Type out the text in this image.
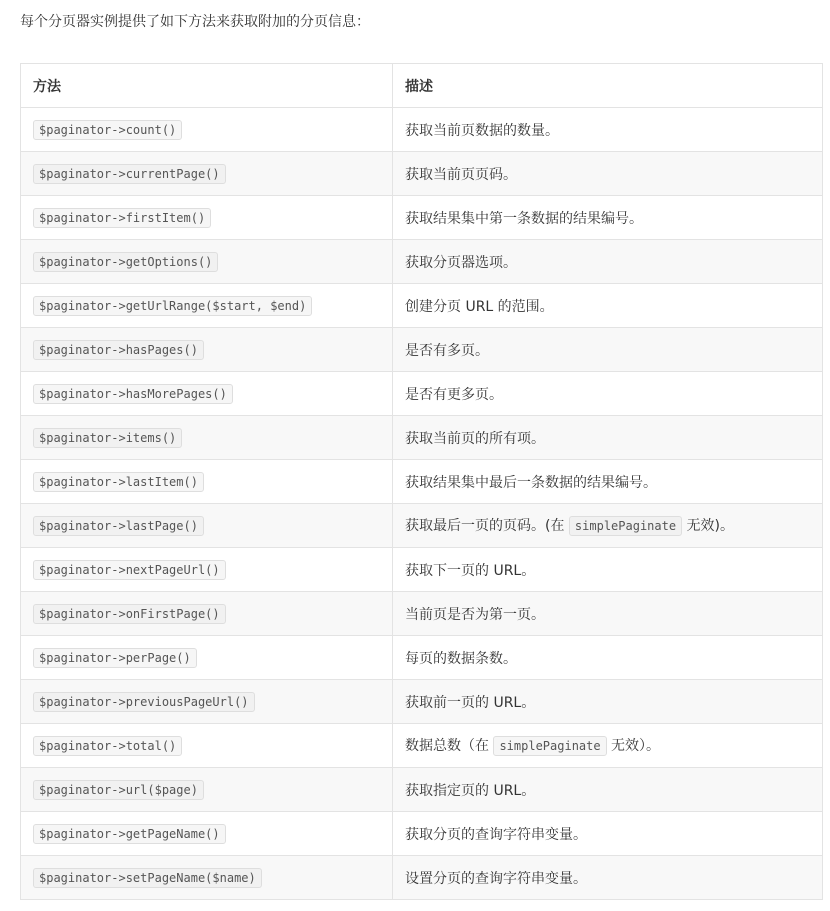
每个分页器实例提供了如下方法来获取附加的分页信息：
方法	描述
$paginator->count()	获取当前页数据的数量。
$paginator->currentPage()	获取当前页页码。
$paginator->firstItem()	获取结果集中第一条数据的结果编号。
$paginator->getOptions()	获取分页器选项。
$paginator->getUrlRange($start, $end)	创建分页 URL 的范围。
$paginator->hasPages()	是否有多页。
$paginator->hasMorePages()	是否有更多页。
$paginator->items()	获取当前页的所有项。
$paginator->lastItem()	获取结果集中最后一条数据的结果编号。
$paginator->lastPage()	获取最后一页的页码。(在 simplePaginate 无效)。
$paginator->nextPageUrl()	获取下一页的 URL。
$paginator->onFirstPage()	当前页是否为第一页。
$paginator->perPage()	每页的数据条数。
$paginator->previousPageUrl()	获取前一页的 URL。
$paginator->total()	数据总数（在 simplePaginate 无效）。
$paginator->url($page)	获取指定页的 URL。
$paginator->getPageName()	获取分页的查询字符串变量。
$paginator->setPageName($name)	设置分页的查询字符串变量。
